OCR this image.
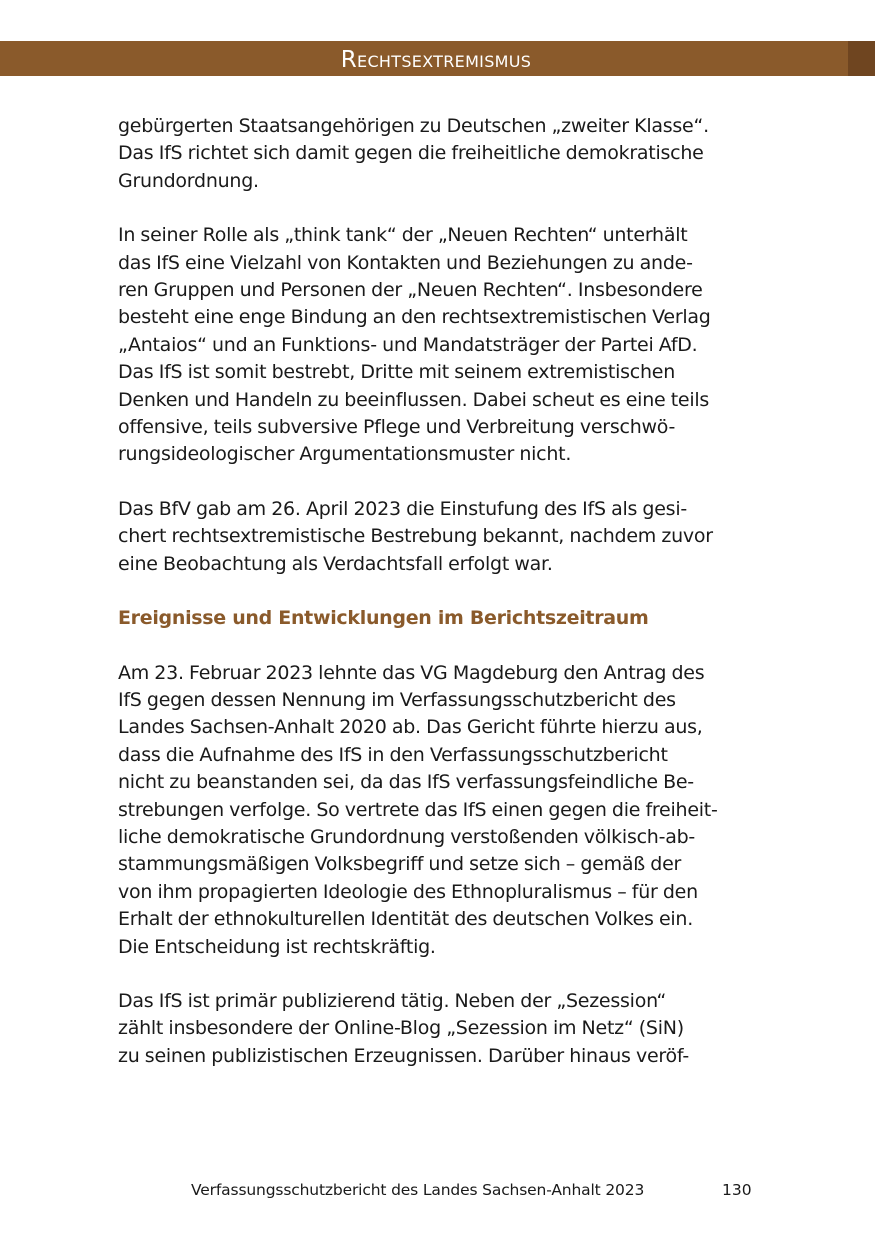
Rechtsextremismus

gebürgerten Staatsangehörigen zu Deutschen „zweiter Klasse“.
Das IfS richtet sich damit gegen die freiheitliche demokratische
Grundordnung.

In seiner Rolle als „think tank“ der „Neuen Rechten“ unterhält
das IfS eine Vielzahl von Kontakten und Beziehungen zu ande-
ren Gruppen und Personen der „Neuen Rechten“. Insbesondere
besteht eine enge Bindung an den rechtsextremistischen Verlag
„Antaios“ und an Funktions- und Mandatsträger der Partei AfD.
Das IfS ist somit bestrebt, Dritte mit seinem extremistischen
Denken und Handeln zu beeinflussen. Dabei scheut es eine teils
offensive, teils subversive Pflege und Verbreitung verschwö-
rungsideologischer Argumentationsmuster nicht.

Das BfV gab am 26. April 2023 die Einstufung des IfS als gesi-
chert rechtsextremistische Bestrebung bekannt, nachdem zuvor
eine Beobachtung als Verdachtsfall erfolgt war.

Ereignisse und Entwicklungen im Berichtszeitraum

Am 23. Februar 2023 lehnte das VG Magdeburg den Antrag des
IfS gegen dessen Nennung im Verfassungsschutzbericht des
Landes Sachsen-Anhalt 2020 ab. Das Gericht führte hierzu aus,
dass die Aufnahme des IfS in den Verfassungsschutzbericht
nicht zu beanstanden sei, da das IfS verfassungsfeindliche Be-
strebungen verfolge. So vertrete das IfS einen gegen die freiheit-
liche demokratische Grundordnung verstoßenden völkisch-ab-
stammungsmäßigen Volksbegriff und setze sich – gemäß der
von ihm propagierten Ideologie des Ethnopluralismus – für den
Erhalt der ethnokulturellen Identität des deutschen Volkes ein.
Die Entscheidung ist rechtskräftig.

Das IfS ist primär publizierend tätig. Neben der „Sezession“
zählt insbesondere der Online-Blog „Sezession im Netz“ (SiN)
zu seinen publizistischen Erzeugnissen. Darüber hinaus veröf-

Verfassungsschutzbericht des Landes Sachsen-Anhalt 2023	130
